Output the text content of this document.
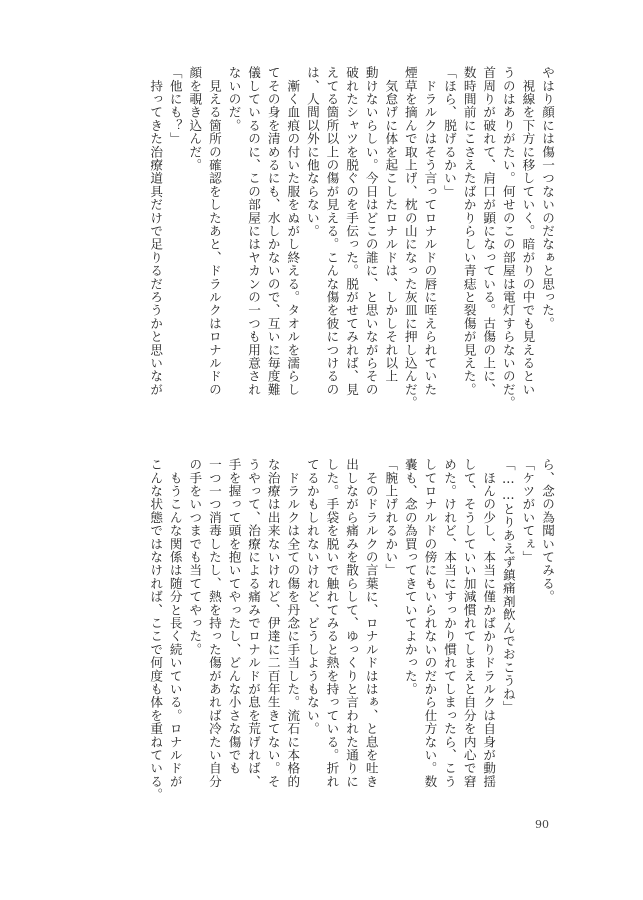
やはり顔には傷一つないのだなぁと思った。

　視線を下方に移していく。暗がりの中でも見えるとい

うのはありがたい。何せのこの部屋は電灯すらないのだ。

首周りが破れて、肩口が顕になっている。古傷の上に、

数時間前にこさえたばかりらしい青痣と裂傷が見えた。

「ほら、脱げるかい」

　ドラルクはそう言ってロナルドの唇に咥えられていた

煙草を摘んで取上げ、枕の山になった灰皿に押し込んだ。

　気怠げに体を起こしたロナルドは、しかしそれ以上

動けないらしい。今日はどこの誰に、と思いながらその

破れたシャツを脱ぐのを手伝った。脱がせてみれば、見

えてる箇所以上の傷が見える。こんな傷を彼につけるの

は、人間以外に他ならない。

　漸く血痕の付いた服をぬがし終える。タオルを濡らし

てその身を清めるにも、水しかないので、互いに毎度難

儀しているのに、この部屋にはヤカンの一つも用意され

ないのだ。

　見える箇所の確認をしたあと、ドラルクはロナルドの

顔を覗き込んだ。

「他にも？」

　持ってきた治療道具だけで足りるだろうかと思いなが

ら、念の為聞いてみる。

「ケツがいてぇ」

「……とりあえず鎮痛剤飲んでおこうね」

　ほんの少し、本当に僅かばかりドラルクは自身が動揺

して、そうしていい加減慣れてしまえと自分を内心で窘

めた。けれど、本当にすっかり慣れてしまったら、こう

してロナルドの傍にもいられないのだから仕方ない。数

嚢も、念の為買ってきていてよかった。

「腕上げれるかい」

　そのドラルクの言葉に、ロナルドははぁ、と息を吐き

出しながら痛みを散らして、ゆっくりと言われた通りに

した。手袋を脱いで触れてみると熱を持っている。折れ

てるかもしれないけれど、どうしようもない。

　ドラルクは全ての傷を丹念に手当した。流石に本格的

な治療は出来ないけれど、伊達に二百年生きてない。そ

うやって、治療による痛みでロナルドが息を荒げれば、

手を握って頭を抱いてやったし、どんな小さな傷でも

一つ一つ消毒したし、熱を持った傷があれば冷たい自分

の手をいつまでも当ててやった。

　もうこんな関係は随分と長く続いている。ロナルドが

こんな状態ではなければ、ここで何度も体を重ねている。

90
